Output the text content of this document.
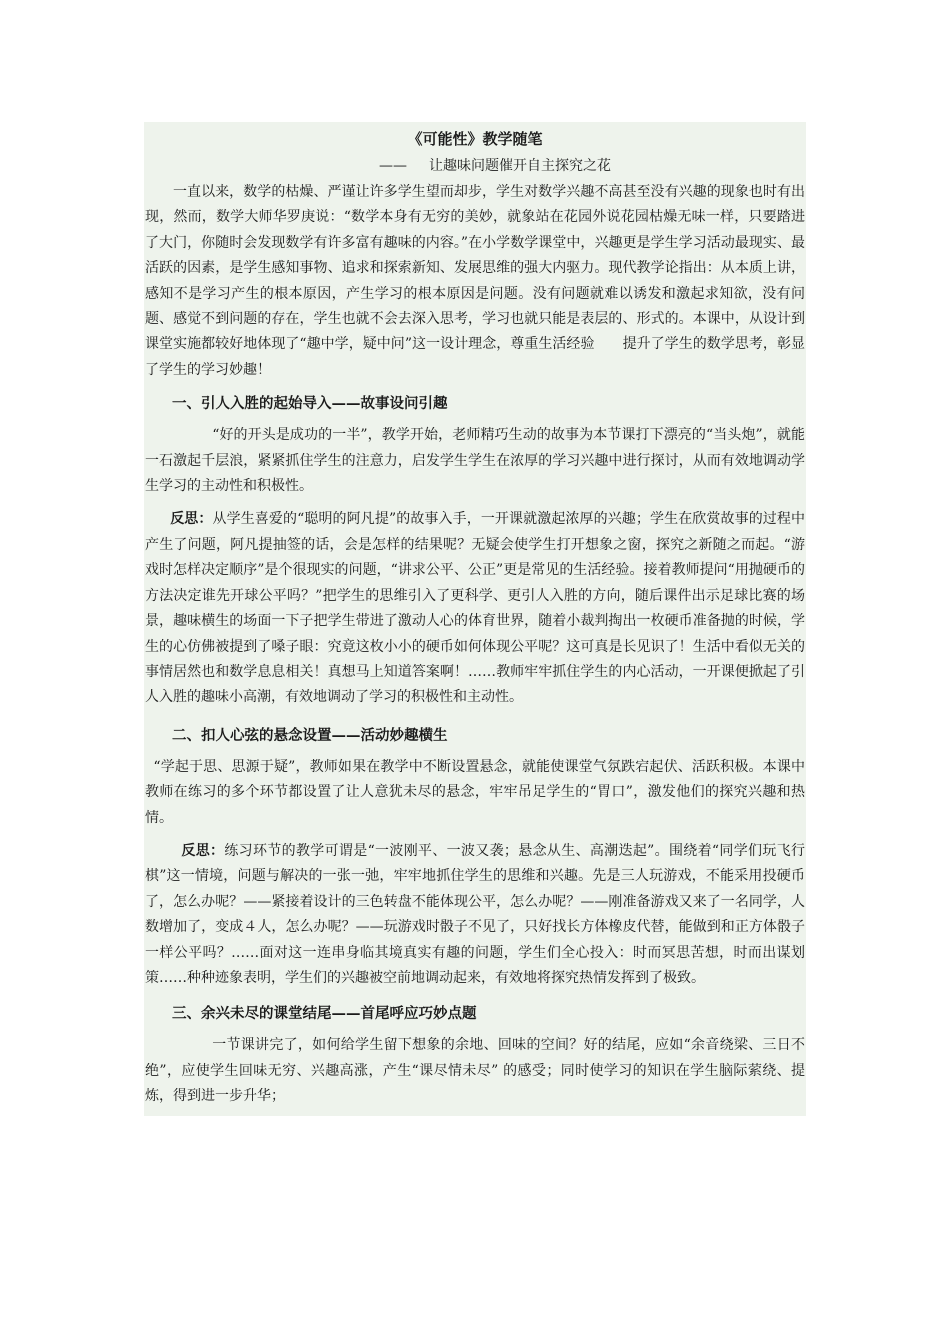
《可能性》教学随笔
—— 让趣味问题催开自主探究之花

一直以来，数学的枯燥、严谨让许多学生望而却步，学生对数学兴趣不高甚至没有兴趣的现象也时有出现，然而，数学大师华罗庚说：“数学本身有无穷的美妙，就象站在花园外说花园枯燥无味一样，只要踏进了大门，你随时会发现数学有许多富有趣味的内容。”在小学数学课堂中，兴趣更是学生学习活动最现实、最活跃的因素，是学生感知事物、追求和探索新知、发展思维的强大内驱力。现代教学论指出：从本质上讲，感知不是学习产生的根本原因，产生学习的根本原因是问题。没有问题就难以诱发和激起求知欲，没有问题、感觉不到问题的存在，学生也就不会去深入思考，学习也就只能是表层的、形式的。本课中，从设计到课堂实施都较好地体现了“趣中学，疑中问”这一设计理念，尊重生活经验　　提升了学生的数学思考，彰显了学生的学习妙趣！

一、引人入胜的起始导入——故事设问引趣

“好的开头是成功的一半”，教学开始，老师精巧生动的故事为本节课打下漂亮的“当头炮”，就能一石激起千层浪，紧紧抓住学生的注意力，启发学生学生在浓厚的学习兴趣中进行探讨，从而有效地调动学生学习的主动性和积极性。

反思：从学生喜爱的“聪明的阿凡提”的故事入手，一开课就激起浓厚的兴趣；学生在欣赏故事的过程中产生了问题，阿凡提抽签的话，会是怎样的结果呢？无疑会使学生打开想象之窗，探究之新随之而起。“游戏时怎样决定顺序”是个很现实的问题，“讲求公平、公正”更是常见的生活经验。接着教师提问“用抛硬币的方法决定谁先开球公平吗？”把学生的思维引入了更科学、更引人入胜的方向，随后课件出示足球比赛的场景，趣味横生的场面一下子把学生带进了激动人心的体育世界，随着小裁判掏出一枚硬币准备抛的时候，学生的心仿佛被提到了嗓子眼：究竟这枚小小的硬币如何体现公平呢？这可真是长见识了！生活中看似无关的事情居然也和数学息息相关！真想马上知道答案啊！……教师牢牢抓住学生的内心活动，一开课便掀起了引人入胜的趣味小高潮，有效地调动了学习的积极性和主动性。

二、扣人心弦的悬念设置——活动妙趣横生

“学起于思、思源于疑”，教师如果在教学中不断设置悬念，就能使课堂气氛跌宕起伏、活跃积极。本课中教师在练习的多个环节都设置了让人意犹未尽的悬念，牢牢吊足学生的“胃口”，激发他们的探究兴趣和热情。

反思：练习环节的教学可谓是“一波刚平、一波又袭；悬念从生、高潮迭起”。围绕着“同学们玩飞行棋”这一情境，问题与解决的一张一弛，牢牢地抓住学生的思维和兴趣。先是三人玩游戏，不能采用投硬币了，怎么办呢？——紧接着设计的三色转盘不能体现公平，怎么办呢？——刚准备游戏又来了一名同学，人数增加了，变成４人，怎么办呢？——玩游戏时骰子不见了，只好找长方体橡皮代替，能做到和正方体骰子一样公平吗？……面对这一连串身临其境真实有趣的问题，学生们全心投入：时而冥思苦想，时而出谋划策……种种迹象表明，学生们的兴趣被空前地调动起来，有效地将探究热情发挥到了极致。

三、余兴未尽的课堂结尾——首尾呼应巧妙点题

一节课讲完了，如何给学生留下想象的余地、回味的空间？好的结尾，应如“余音绕梁、三日不绝”，应使学生回味无穷、兴趣高涨，产生“课尽情未尽” 的感受；同时使学习的知识在学生脑际萦绕、提炼，得到进一步升华；
